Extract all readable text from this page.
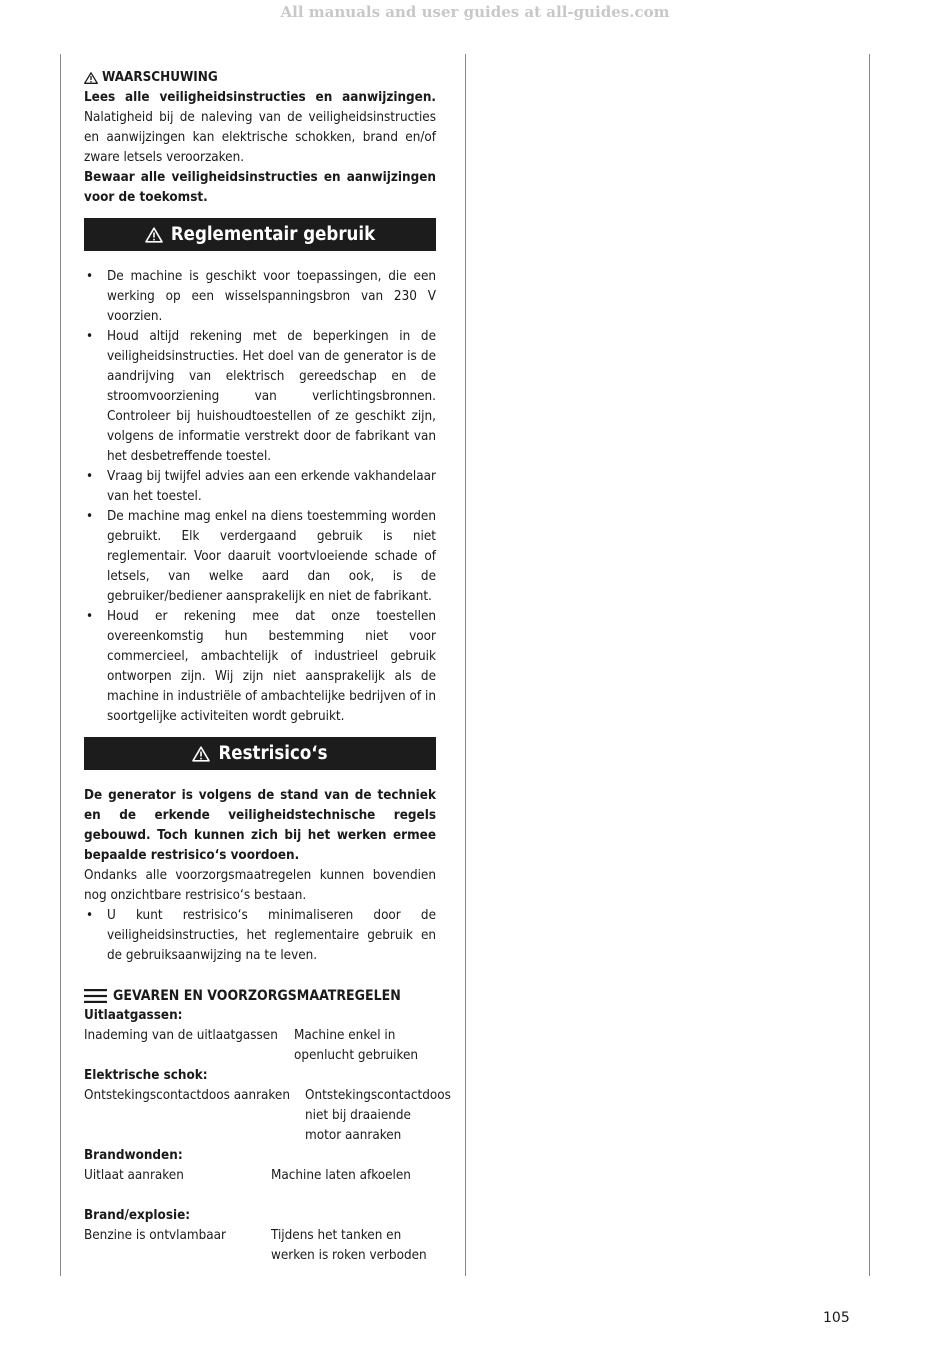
All manuals and user guides at all-guides.com
WAARSCHUWING

Lees alle veiligheidsinstructies en aanwijzingen. Nalatigheid bij de naleving van de veiligheidsinstructies en aanwijzingen kan elektrische schokken, brand en/of zware letsels veroorzaken.

Bewaar alle veiligheidsinstructies en aanwijzingen voor de toekomst.

Reglementair gebruik
• De machine is geschikt voor toepassingen, die een werking op een wisselspanningsbron van 230 V voorzien.
• Houd altijd rekening met de beperkingen in de veiligheidsinstructies. Het doel van de generator is de aandrijving van elektrisch gereedschap en de stroomvoorziening van verlichtingsbronnen. Controleer bij huishoudtoestellen of ze geschikt zijn, volgens de informatie verstrekt door de fabrikant van het desbetreffende toestel.
• Vraag bij twijfel advies aan een erkende vakhandelaar van het toestel.
• De machine mag enkel na diens toestemming worden gebruikt. Elk verdergaand gebruik is niet reglementair. Voor daaruit voortvloeiende schade of letsels, van welke aard dan ook, is de gebruiker/bediener aansprakelijk en niet de fabrikant.
• Houd er rekening mee dat onze toestellen overeenkomstig hun bestemming niet voor commercieel, ambachtelijk of industrieel gebruik ontworpen zijn. Wij zijn niet aansprakelijk als de machine in industriële of ambachtelijke bedrijven of in soortgelijke activiteiten wordt gebruikt.
Restrisico‘s

De generator is volgens de stand van de techniek en de erkende veiligheidstechnische regels gebouwd. Toch kunnen zich bij het werken ermee bepaalde restrisico‘s voordoen.

Ondanks alle voorzorgsmaatregelen kunnen bovendien nog onzichtbare restrisico‘s bestaan.

• U kunt restrisico‘s minimaliseren door de veiligheidsinstructies, het reglementaire gebruik en de gebruiksaanwijzing na te leven.
GEVAREN EN VOORZORGSMAATREGELEN
Uitlaatgassen:
Inademing van de uitlaatgassen	Machine enkel in openlucht gebruiken
Elektrische schok:
Ontstekingscontactdoos aanraken	Ontstekingscontactdoos niet bij draaiende motor aanraken
Brandwonden:
Uitlaat aanraken	Machine laten afkoelen
Brand/explosie:
Benzine is ontvlambaar	Tijdens het tanken en werken is roken verboden
105
